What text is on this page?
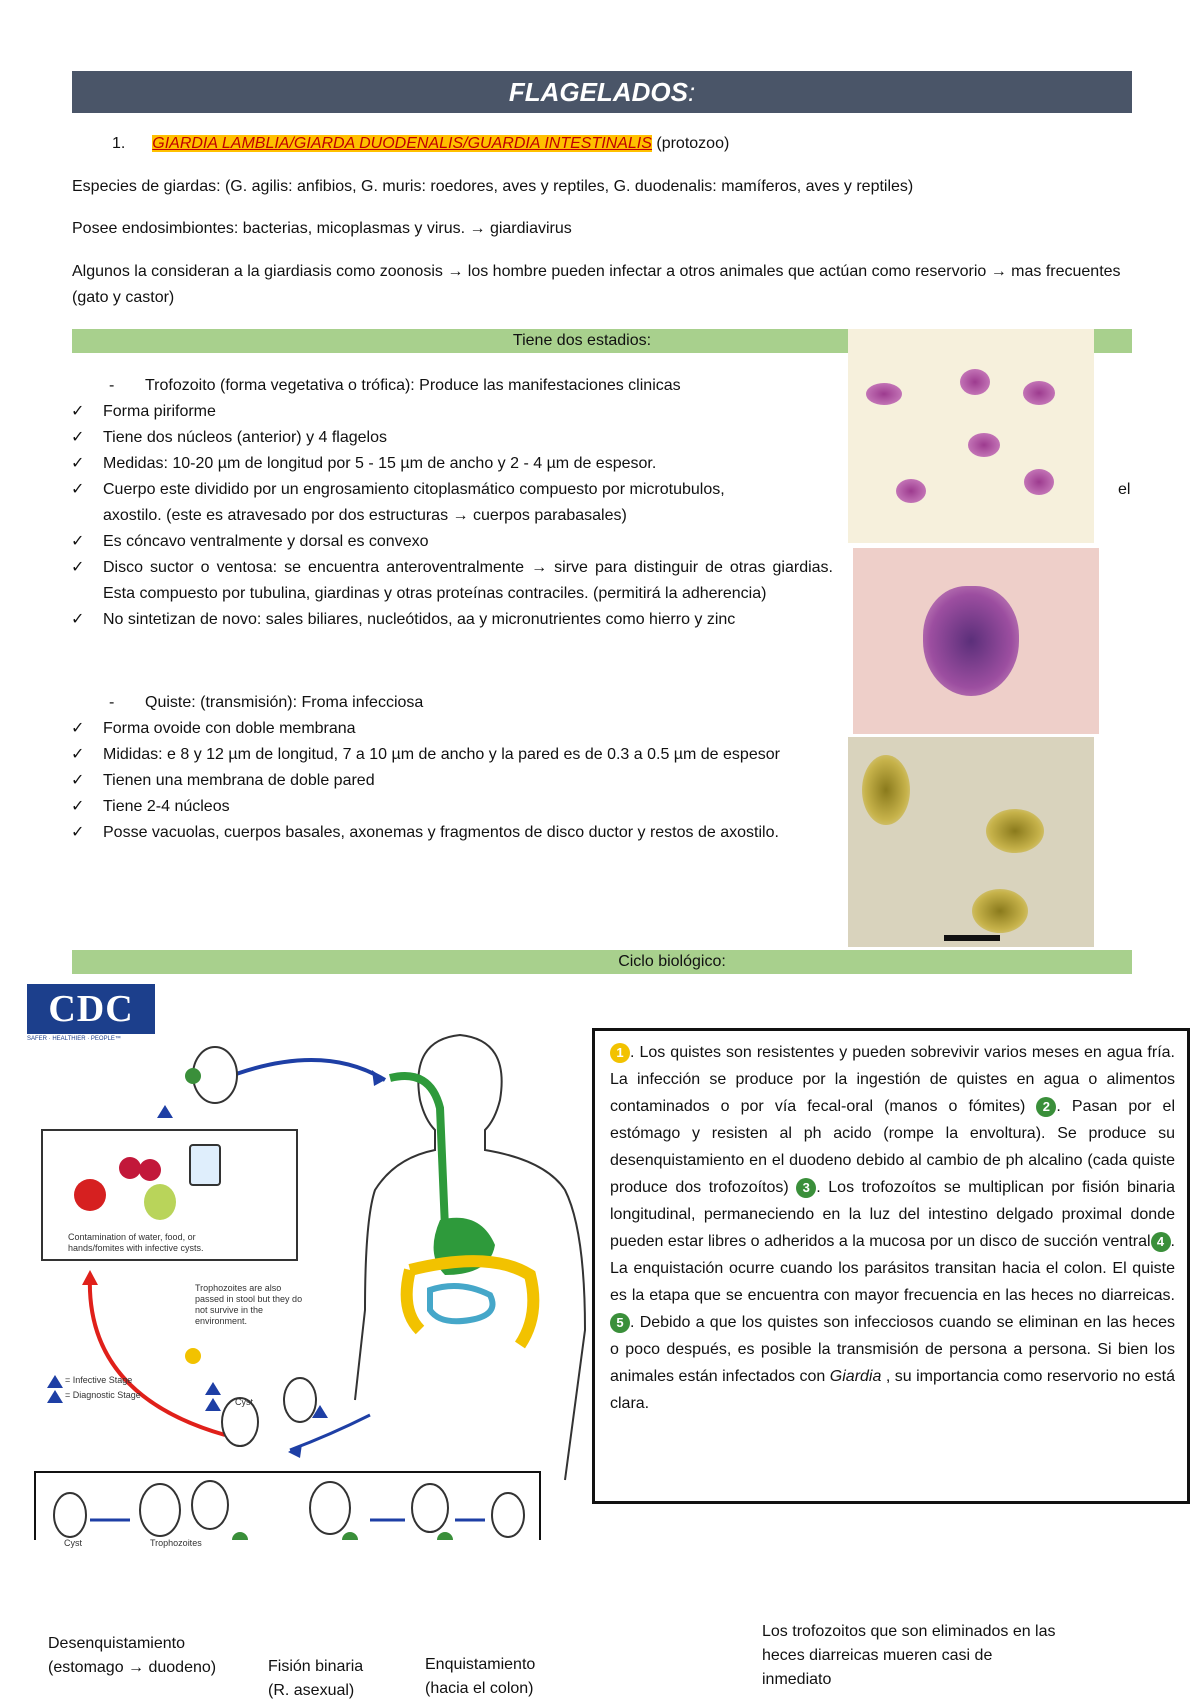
FLAGELADOS :
1. GIARDIA LAMBLIA/GIARDA DUODENALIS/GUARDIA INTESTINALIS (protozoo)
Especies de giardas: (G. agilis: anfibios, G. muris: roedores, aves y reptiles, G. duodenalis: mamíferos, aves y reptiles)
Posee endosimbiontes: bacterias, micoplasmas y virus. → giardiavirus
Algunos la consideran a la giardiasis como zoonosis → los hombre pueden infectar a otros animales que actúan como reservorio → mas frecuentes (gato y castor)
Tiene dos estadios:
- Trofozoito (forma vegetativa o trófica): Produce las manifestaciones clinicas
✓ Forma piriforme
✓ Tiene dos núcleos (anterior) y 4 flagelos
✓ Medidas: 10-20 µm de longitud por 5 - 15 µm de ancho y 2 - 4 µm de espesor.
✓ Cuerpo este dividido por un engrosamiento citoplasmático compuesto por microtubulos,
axostilo. (este es atravesado por dos estructuras → cuerpos parabasales)
✓ Es cóncavo ventralmente y dorsal es convexo
✓ Disco suctor o ventosa: se encuentra anteroventralmente → sirve para distinguir de otras giardias. Esta compuesto por tubulina, giardinas y otras proteínas contraciles. (permitirá la adherencia)
✓ No sintetizan de novo: sales biliares, nucleótidos, aa y micronutrientes como hierro y zinc
el
- Quiste: (transmisión): Froma infecciosa
✓ Forma ovoide con doble membrana
✓ Mididas: e 8 y 12 µm de longitud, 7 a 10 µm de ancho y la pared es de 0.3 a 0.5 µm de espesor
✓ Tienen una membrana de doble pared
✓ Tiene 2-4 núcleos
✓ Posse vacuolas, cuerpos basales, axonemas y fragmentos de disco ductor y restos de axostilo.
Ciclo biológico:
CDC
SAFER · HEALTHIER · PEOPLE™
Contamination of water, food, or hands/fomites with infective cysts.
Trophozoites are also passed in stool but they do not survive in the environment.
= Infective Stage
= Diagnostic Stage
Cyst
Cyst	Trophozoites
1 . Los quistes son resistentes y pueden sobrevivir varios meses en agua fría. La infección se produce por la ingestión de quistes en agua o alimentos contaminados o por vía fecal-oral (manos o fómites) 2 . Pasan por el estómago y resisten al ph acido (rompe la envoltura). Se produce su desenquistamiento en el duodeno debido al cambio de ph alcalino (cada quiste produce dos trofozoítos) 3 . Los trofozoítos se multiplican por fisión binaria longitudinal, permaneciendo en la luz del intestino delgado proximal donde pueden estar libres o adheridos a la mucosa por un disco de succión ventral 4 . La enquistación ocurre cuando los parásitos transitan hacia el colon. El quiste es la etapa que se encuentra con mayor frecuencia en las heces no diarreicas.5 . Debido a que los quistes son infecciosos cuando se eliminan en las heces o poco después, es posible la transmisión de persona a persona. Si bien los animales están infectados con Giardia , su importancia como reservorio no está clara.
Desenquistamiento
(estomago → duodeno)	Fisión binaria
(R. asexual)
Enquistamiento
(hacia el colon)
Los trofozoitos que son eliminados en las
heces diarreicas mueren casi de
inmediato
